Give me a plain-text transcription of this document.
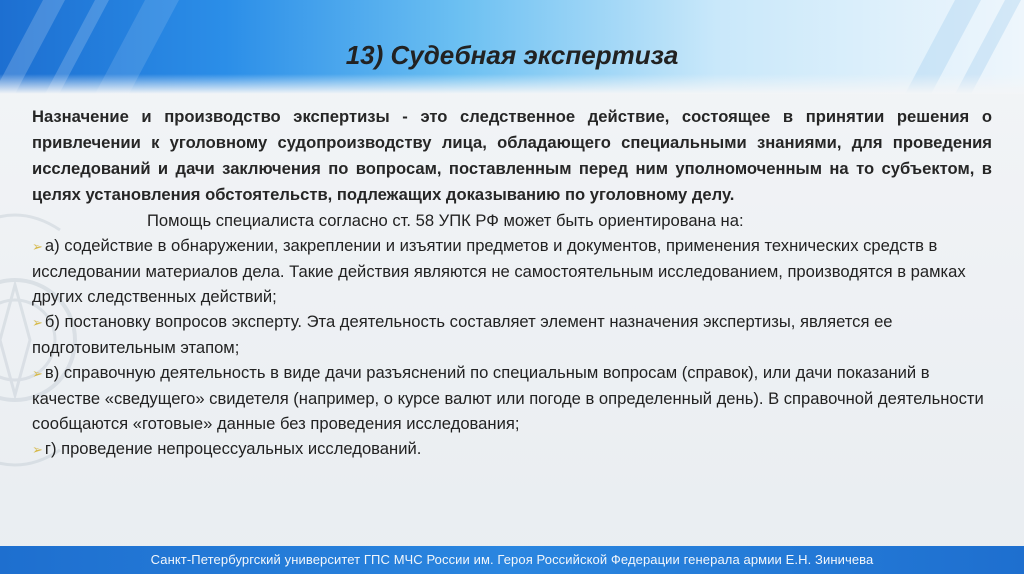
13) Судебная экспертиза

Назначение и производство экспертизы - это следственное действие, состоящее в принятии решения о привлечении к уголовному судопроизводству лица, обладающего специальными знаниями, для проведения исследований и дачи заключения по вопросам, поставленным перед ним уполномоченным на то субъектом, в целях установления обстоятельств, подлежащих доказыванию по уголовному делу.

Помощь специалиста согласно ст. 58 УПК РФ может быть ориентирована на:

➢ а) содействие в обнаружении, закреплении и изъятии предметов и документов, применения технических средств в исследовании материалов дела. Такие действия являются не самостоятельным исследованием, производятся в рамках других следственных действий;

➢ б) постановку вопросов эксперту. Эта деятельность составляет элемент назначения экспертизы, является ее подготовительным этапом;

➢ в) справочную деятельность в виде дачи разъяснений по специальным вопросам (справок), или дачи показаний в качестве «сведущего» свидетеля (например, о курсе валют или погоде в определенный день). В справочной деятельности сообщаются «готовые» данные без проведения исследования;

➢ г) проведение непроцессуальных исследований.

Санкт-Петербургский университет ГПС МЧС России им. Героя Российской Федерации генерала армии Е.Н. Зиничева
